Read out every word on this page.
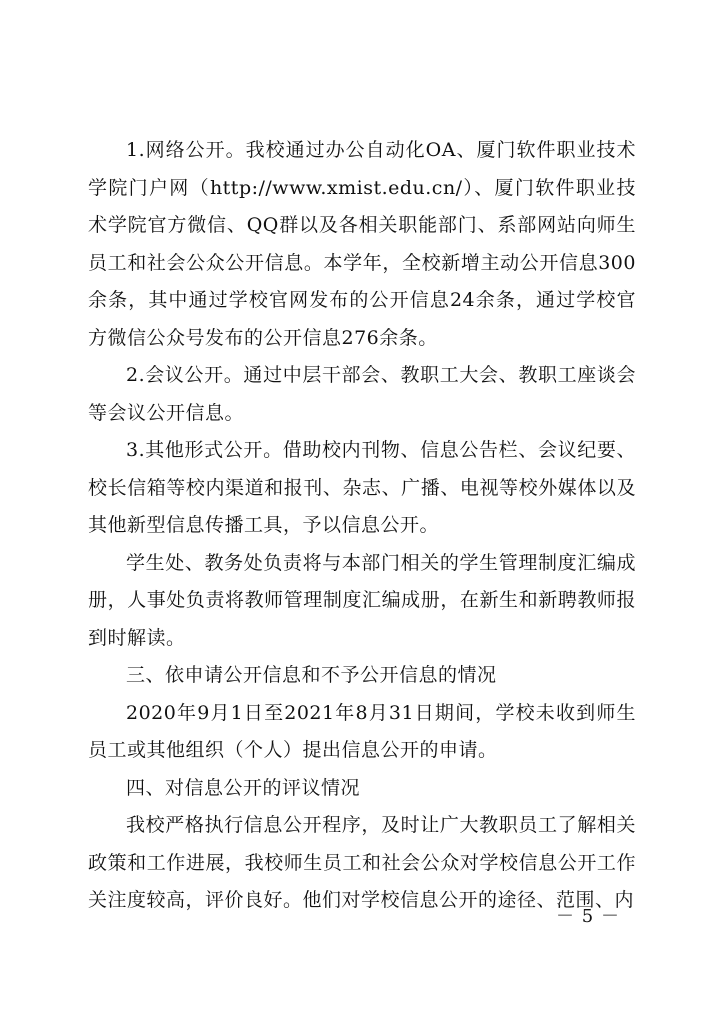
1.网络公开。我校通过办公自动化OA、厦门软件职业技术学院门户网（http://www.xmist.edu.cn/）、厦门软件职业技术学院官方微信、QQ群以及各相关职能部门、系部网站向师生员工和社会公众公开信息。本学年，全校新增主动公开信息300余条，其中通过学校官网发布的公开信息24余条，通过学校官方微信公众号发布的公开信息276余条。

2.会议公开。通过中层干部会、教职工大会、教职工座谈会等会议公开信息。

3.其他形式公开。借助校内刊物、信息公告栏、会议纪要、校长信箱等校内渠道和报刊、杂志、广播、电视等校外媒体以及其他新型信息传播工具，予以信息公开。

学生处、教务处负责将与本部门相关的学生管理制度汇编成册，人事处负责将教师管理制度汇编成册，在新生和新聘教师报到时解读。

三、依申请公开信息和不予公开信息的情况

2020年9月1日至2021年8月31日期间，学校未收到师生员工或其他组织（个人）提出信息公开的申请。

四、对信息公开的评议情况

我校严格执行信息公开程序，及时让广大教职员工了解相关政策和工作进展，我校师生员工和社会公众对学校信息公开工作关注度较高，评价良好。他们对学校信息公开的途径、范围、内

－ 5 －
